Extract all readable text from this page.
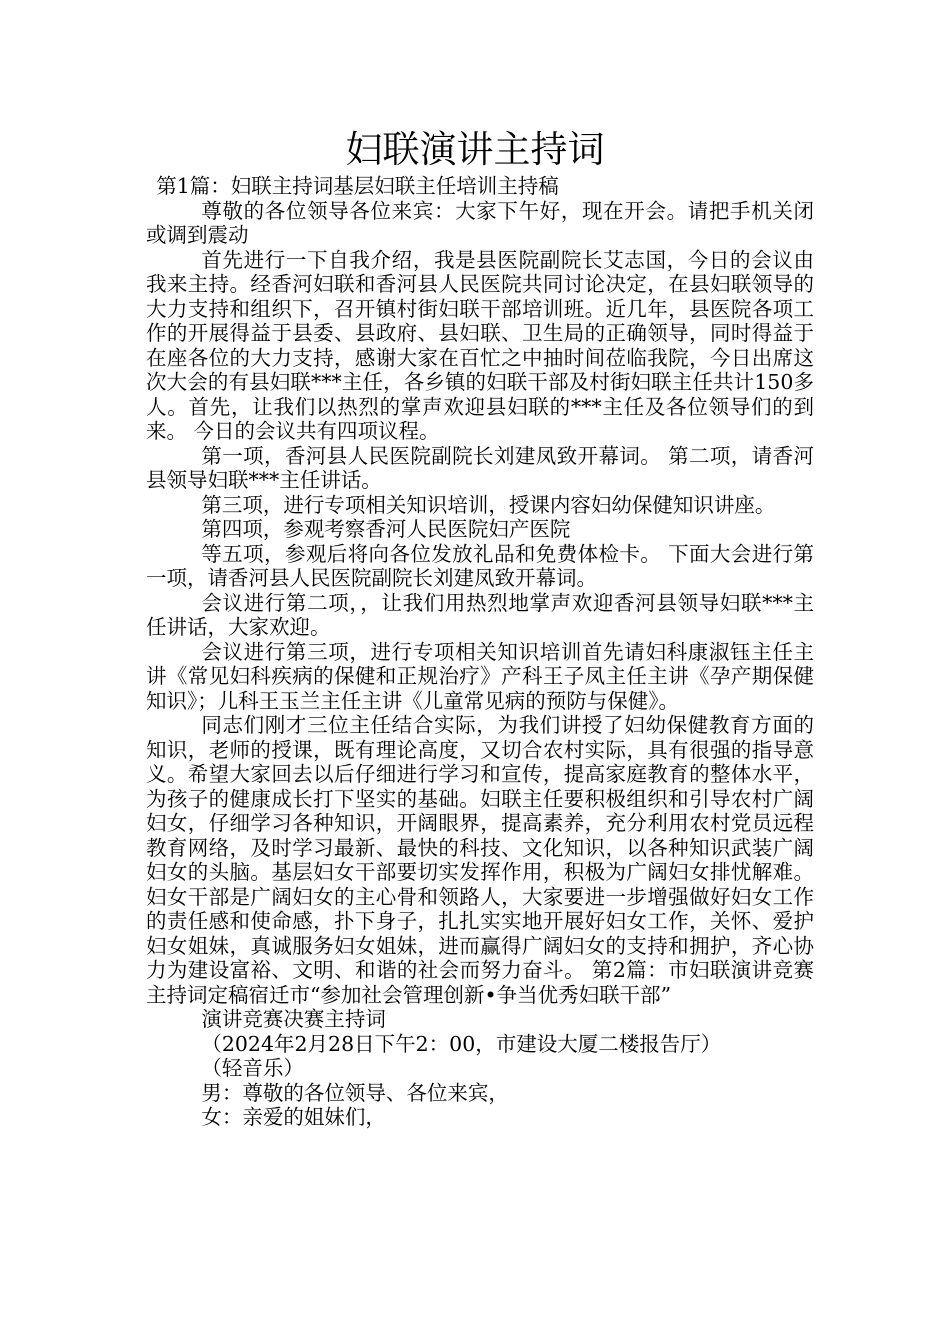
妇联演讲主持词

第1篇：妇联主持词基层妇联主任培训主持稿

尊敬的各位领导各位来宾：大家下午好，现在开会。请把手机关闭或调到震动

首先进行一下自我介绍，我是县医院副院长艾志国，今日的会议由我来主持。经香河妇联和香河县人民医院共同讨论决定，在县妇联领导的大力支持和组织下，召开镇村街妇联干部培训班。近几年，县医院各项工作的开展得益于县委、县政府、县妇联、卫生局的正确领导，同时得益于在座各位的大力支持，感谢大家在百忙之中抽时间莅临我院，今日出席这次大会的有县妇联***主任，各乡镇的妇联干部及村街妇联主任共计150多人。首先，让我们以热烈的掌声欢迎县妇联的***主任及各位领导们的到来。 今日的会议共有四项议程。

第一项，香河县人民医院副院长刘建凤致开幕词。 第二项，请香河县领导妇联***主任讲话。

第三项，进行专项相关知识培训，授课内容妇幼保健知识讲座。

第四项，参观考察香河人民医院妇产医院

等五项，参观后将向各位发放礼品和免费体检卡。 下面大会进行第一项，请香河县人民医院副院长刘建凤致开幕词。

会议进行第二项，，让我们用热烈地掌声欢迎香河县领导妇联***主任讲话，大家欢迎。

会议进行第三项，进行专项相关知识培训首先请妇科康淑钰主任主讲《常见妇科疾病的保健和正规治疗》产科王子凤主任主讲《孕产期保健知识》；儿科王玉兰主任主讲《儿童常见病的预防与保健》。

同志们刚才三位主任结合实际，为我们讲授了妇幼保健教育方面的知识，老师的授课，既有理论高度，又切合农村实际，具有很强的指导意义。希望大家回去以后仔细进行学习和宣传，提高家庭教育的整体水平，为孩子的健康成长打下坚实的基础。妇联主任要积极组织和引导农村广阔妇女，仔细学习各种知识，开阔眼界，提高素养，充分利用农村党员远程教育网络，及时学习最新、最快的科技、文化知识，以各种知识武装广阔妇女的头脑。基层妇女干部要切实发挥作用，积极为广阔妇女排忧解难。妇女干部是广阔妇女的主心骨和领路人，大家要进一步增强做好妇女工作的责任感和使命感，扑下身子，扎扎实实地开展好妇女工作，关怀、爱护妇女姐妹，真诚服务妇女姐妹，进而赢得广阔妇女的支持和拥护，齐心协力为建设富裕、文明、和谐的社会而努力奋斗。 第2篇：市妇联演讲竞赛主持词定稿宿迁市“参加社会管理创新•争当优秀妇联干部”

演讲竞赛决赛主持词

（2024年2月28日下午2：00，市建设大厦二楼报告厅）

（轻音乐）

男：尊敬的各位领导、各位来宾，

女：亲爱的姐妹们，
